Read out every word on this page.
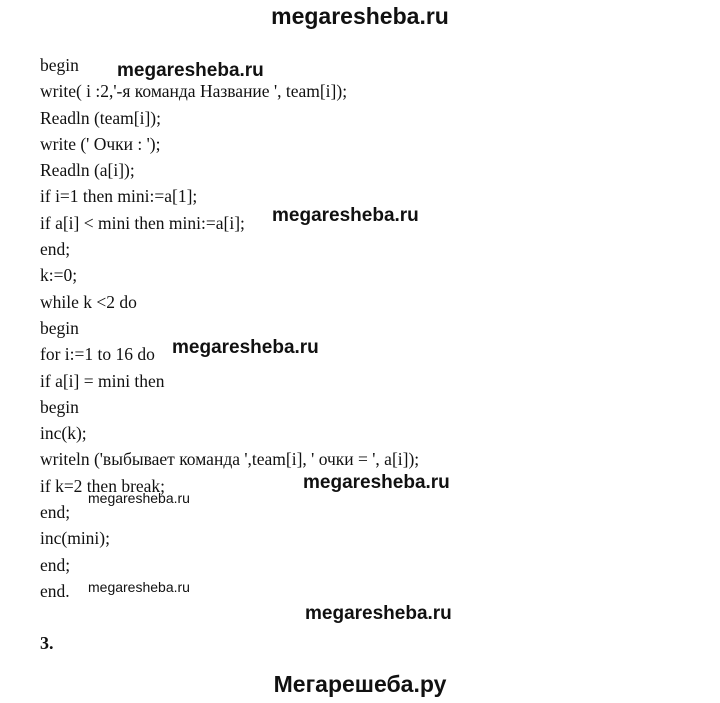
megaresheba.ru
begin
write( i :2,'-я команда Название ', team[i]);
Readln (team[i]);
write (' Очки : ');
Readln (a[i]);
if i=1 then mini:=a[1];
if a[i] < mini then mini:=a[i];
end;
k:=0;
while k <2 do
begin
for i:=1 to 16 do
if a[i] = mini then
begin
inc(k);
writeln ('выбывает команда ',team[i], ' очки = ', a[i]);
if k=2 then break;
end;
inc(mini);
end;
end.
megaresheba.ru
megaresheba.ru
megaresheba.ru
megaresheba.ru
megaresheba.ru
megaresheba.ru
megaresheba.ru
3.
Мегарешеба.ру
